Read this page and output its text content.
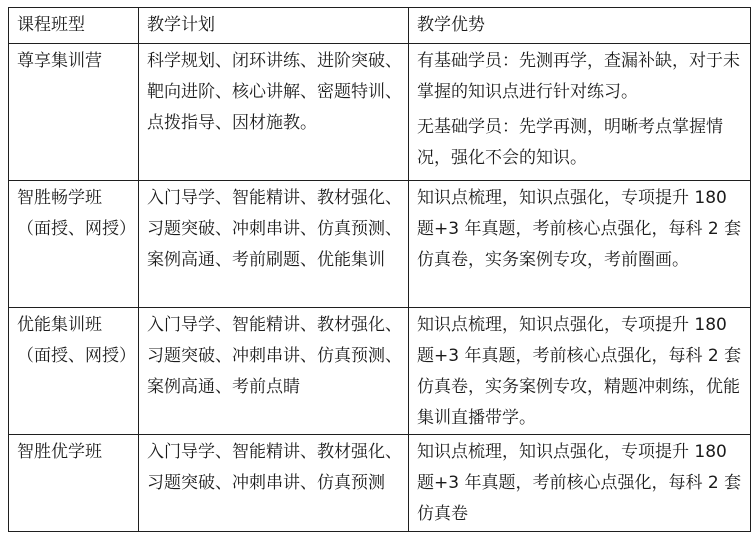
课程班型	教学计划	教学优势
尊享集训营	科学规划、闭环讲练、进阶突破、靶向进阶、核心讲解、密题特训、点拨指导、因材施教。	有基础学员：先测再学，查漏补缺，对于未掌握的知识点进行针对练习。
无基础学员：先学再测，明晰考点掌握情况，强化不会的知识。

智胜畅学班（面授、网授）	入门导学、智能精讲、教材强化、习题突破、冲刺串讲、仿真预测、案例高通、考前刷题、优能集训	知识点梳理，知识点强化，专项提升 180 题+3 年真题，考前核心点强化，每科 2 套仿真卷，实务案例专攻，考前圈画。

优能集训班（面授、网授）	入门导学、智能精讲、教材强化、习题突破、冲刺串讲、仿真预测、案例高通、考前点睛	知识点梳理，知识点强化，专项提升 180 题+3 年真题，考前核心点强化，每科 2 套仿真卷，实务案例专攻，精题冲刺练，优能集训直播带学。

智胜优学班	入门导学、智能精讲、教材强化、习题突破、冲刺串讲、仿真预测	知识点梳理，知识点强化，专项提升 180 题+3 年真题，考前核心点强化，每科 2 套仿真卷
